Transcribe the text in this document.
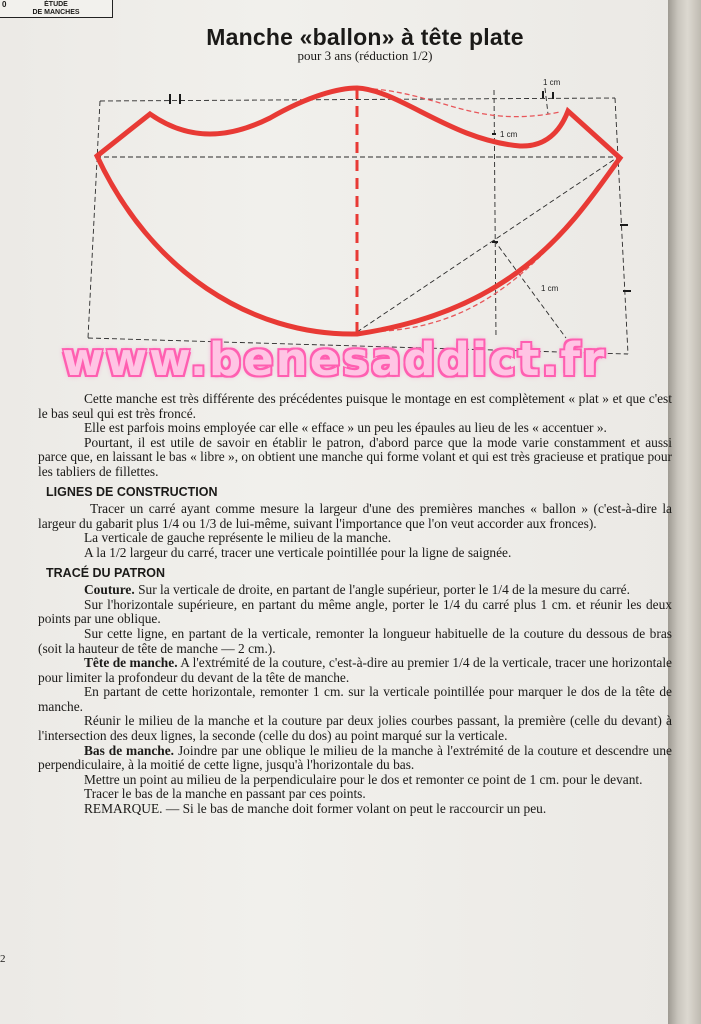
0	ÉTUDE
DE MANCHES
Manche «ballon» à tête plate
pour 3 ans (réduction 1/2)
1 cm
1 cm
1 cm
www.benesaddict.fr

Cette manche est très différente des précédentes puisque le montage en est complètement « plat » et que c'est le bas seul qui est très froncé.

Elle est parfois moins employée car elle « efface » un peu les épaules au lieu de les « accentuer ».

Pourtant, il est utile de savoir en établir le patron, d'abord parce que la mode varie constamment et aussi parce que, en laissant le bas « libre », on obtient une manche qui forme volant et qui est très gracieuse et pratique pour les tabliers de fillettes.

LIGNES DE CONSTRUCTION

Tracer un carré ayant comme mesure la largeur d'une des premières manches « ballon » (c'est-à-dire la largeur du gabarit plus 1/4 ou 1/3 de lui-même, suivant l'importance que l'on veut accorder aux fronces).

La verticale de gauche représente le milieu de la manche.

A la 1/2 largeur du carré, tracer une verticale pointillée pour la ligne de saignée.

TRACÉ DU PATRON

Couture. Sur la verticale de droite, en partant de l'angle supérieur, porter le 1/4 de la mesure du carré.

Sur l'horizontale supérieure, en partant du même angle, porter le 1/4 du carré plus 1 cm. et réunir les deux points par une oblique.

Sur cette ligne, en partant de la verticale, remonter la longueur habituelle de la couture du dessous de bras (soit la hauteur de tête de manche — 2 cm.).

Tête de manche. A l'extrémité de la couture, c'est-à-dire au premier 1/4 de la verticale, tracer une horizontale pour limiter la profondeur du devant de la tête de manche.

En partant de cette horizontale, remonter 1 cm. sur la verticale pointillée pour marquer le dos de la tête de manche.

Réunir le milieu de la manche et la couture par deux jolies courbes passant, la première (celle du devant) à l'intersection des deux lignes, la seconde (celle du dos) au point marqué sur la verticale.

Bas de manche. Joindre par une oblique le milieu de la manche à l'extrémité de la couture et descendre une perpendiculaire, à la moitié de cette ligne, jusqu'à l'horizontale du bas.

Mettre un point au milieu de la perpendiculaire pour le dos et remonter ce point de 1 cm. pour le devant.

Tracer le bas de la manche en passant par ces points.

REMARQUE. — Si le bas de manche doit former volant on peut le raccourcir un peu.

2
